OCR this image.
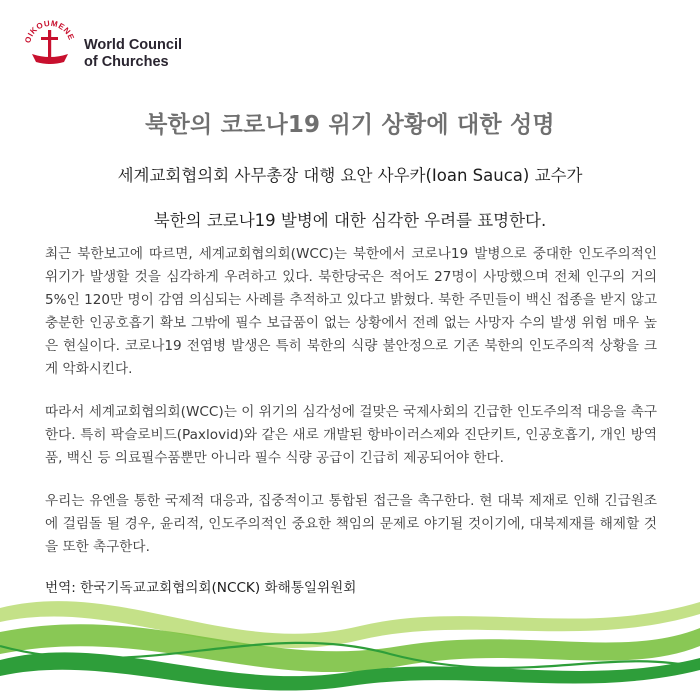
OIKOUMENE World Council
of Churches
북한의 코로나19 위기 상황에 대한 성명
세계교회협의회 사무총장 대행 요안 사우카(Ioan Sauca) 교수가
북한의 코로나19 발병에 대한 심각한 우려를 표명한다.

최근 북한보고에 따르면, 세계교회협의회(WCC)는 북한에서 코로나19 발병으로 중대한 인도주의적인 위기가 발생할 것을 심각하게 우려하고 있다. 북한당국은 적어도 27명이 사망했으며 전체 인구의 거의 5%인 120만 명이 감염 의심되는 사례를 추적하고 있다고 밝혔다. 북한 주민들이 백신 접종을 받지 않고 충분한 인공호흡기 확보 그밖에 필수 보급품이 없는 상황에서 전례 없는 사망자 수의 발생 위험 매우 높은 현실이다. 코로나19 전염병 발생은 특히 북한의 식량 불안정으로 기존 북한의 인도주의적 상황을 크게 악화시킨다.

따라서 세계교회협의회(WCC)는 이 위기의 심각성에 걸맞은 국제사회의 긴급한 인도주의적 대응을 촉구한다. 특히 팍슬로비드(Paxlovid)와 같은 새로 개발된 항바이러스제와 진단키트, 인공호흡기, 개인 방역품, 백신 등 의료필수품뿐만 아니라 필수 식량 공급이 긴급히 제공되어야 한다.

우리는 유엔을 통한 국제적 대응과, 집중적이고 통합된 접근을 촉구한다. 현 대북 제재로 인해 긴급원조에 걸림돌 될 경우, 윤리적, 인도주의적인 중요한 책임의 문제로 야기될 것이기에, 대북제재를 해제할 것을 또한 촉구한다.

번역: 한국기독교교회협의회(NCCK) 화해통일위원회
